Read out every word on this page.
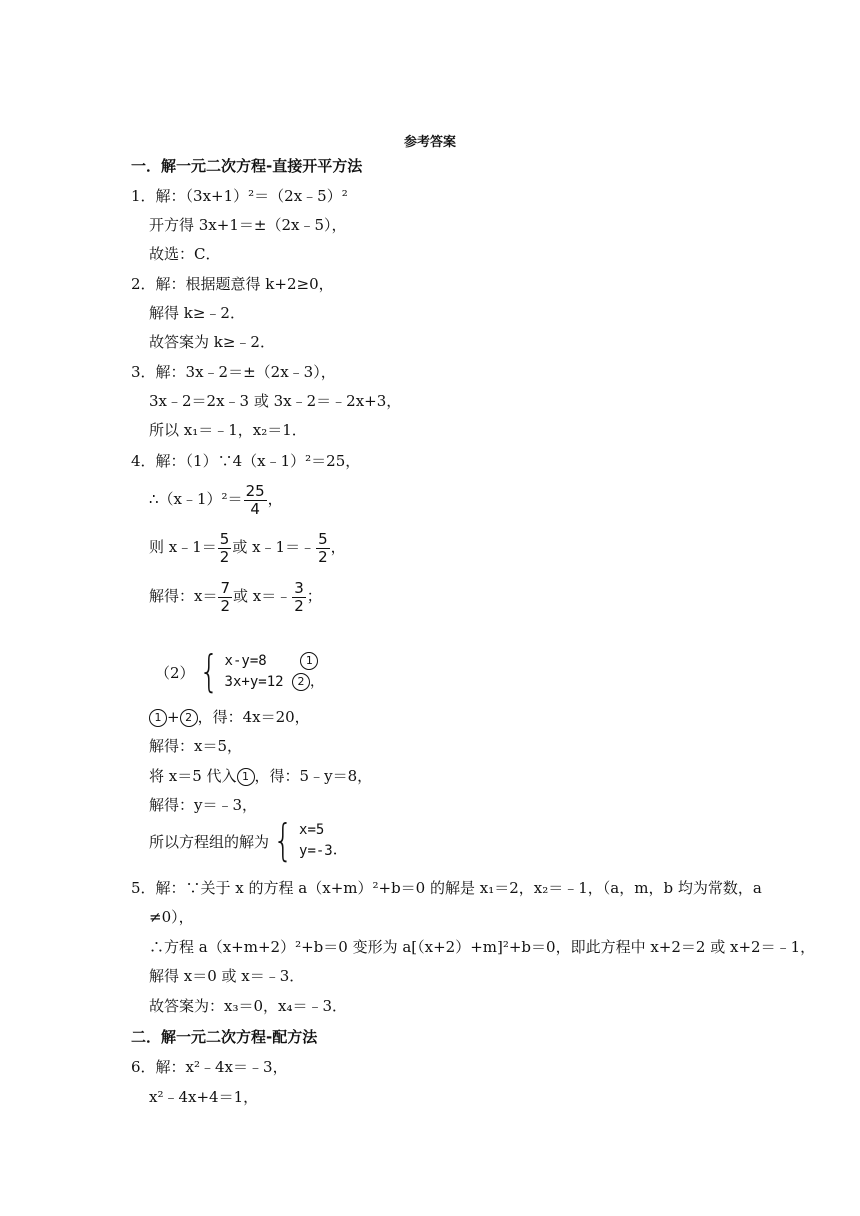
参考答案
一．解一元二次方程-直接开平方法
1．解：（3x+1）²＝（2x﹣5）²
开方得 3x+1＝±（2x﹣5），
故选：C．
2．解：根据题意得 k+2≥0，
解得 k≥﹣2．
故答案为 k≥﹣2．
3．解：3x﹣2＝±（2x﹣3），
3x﹣2＝2x﹣3 或 3x﹣2＝﹣2x+3，
所以 x₁＝﹣1，x₂＝1．
4．解：（1）∵4（x﹣1）²＝25，
∴（x﹣1）²＝ $\frac{25}{4}$ ，
则 x﹣1＝ $\frac{5}{2}$ 或 x﹣1＝﹣ $\frac{5}{2}$ ，
解得：$x= \frac{7}{2}$ 或 x＝﹣ $\frac{3}{2}$ ；
（2） { x-y=8	1
3x+y=12 2 ，
1 + 2 ，得：4x＝20，
解得：x＝5，
将 x＝5 代入 1 ，得：5﹣y＝8，
解得：y＝﹣3，
所以方程组的解为 { x=5
y=-3 ．
5．解：∵关于 x 的方程 a（x+m）²+b＝0 的解是 x₁＝2，x₂＝﹣1，（a，m，b 均为常数，a
≠0），
∴方程 a（x+m+2）²+b＝0 变形为 a[（x+2）+m]²+b＝0，即此方程中 x+2＝2 或 x+2＝﹣1，
解得 x＝0 或 x＝﹣3．
故答案为：x₃＝0，x₄＝﹣3．
二．解一元二次方程-配方法
6．解：x²﹣4x＝﹣3，
x²﹣4x+4＝1，
